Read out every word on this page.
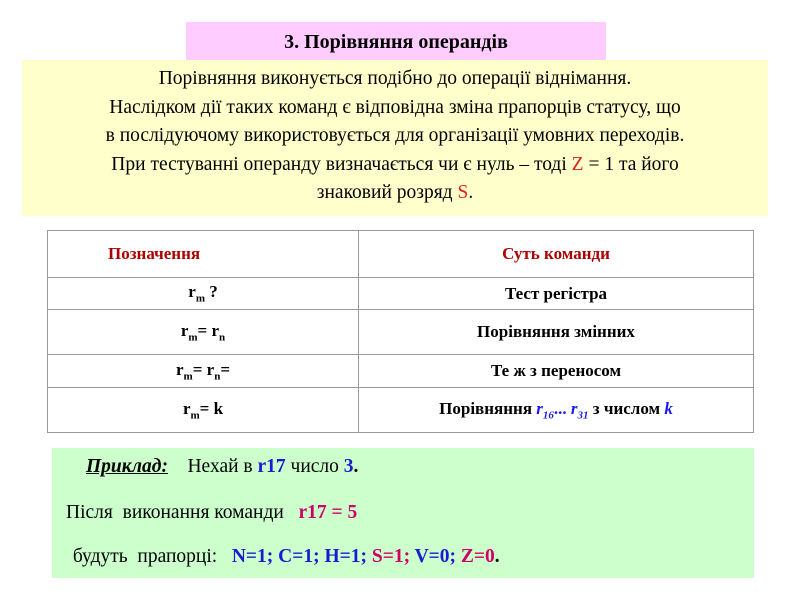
3. Порівняння операндів
Порівняння виконується подібно до операції віднімання.
Наслідком дії таких команд є відповідна зміна прапорців статусу, що
в послідуючому використовується для організації умовних переходів.
При тестуванні операнду визначається чи є нуль – тоді Z = 1 та його
знаковий розряд S.
Позначення	Суть команди
$r_m$ ?	Тест регістра
$r_m= r_n$	Порівняння змінних
$r_m= r_n=$	Те ж з переносом
$r_m= k$	Порівняння $r_{16}$... $r_{31}$ з числом k
Приклад: Нехай в r17 число 3.
Після  виконання команди   r17 = 5
будуть  прапорці:   N=1; C=1; H=1; S=1; V=0; Z=0.
